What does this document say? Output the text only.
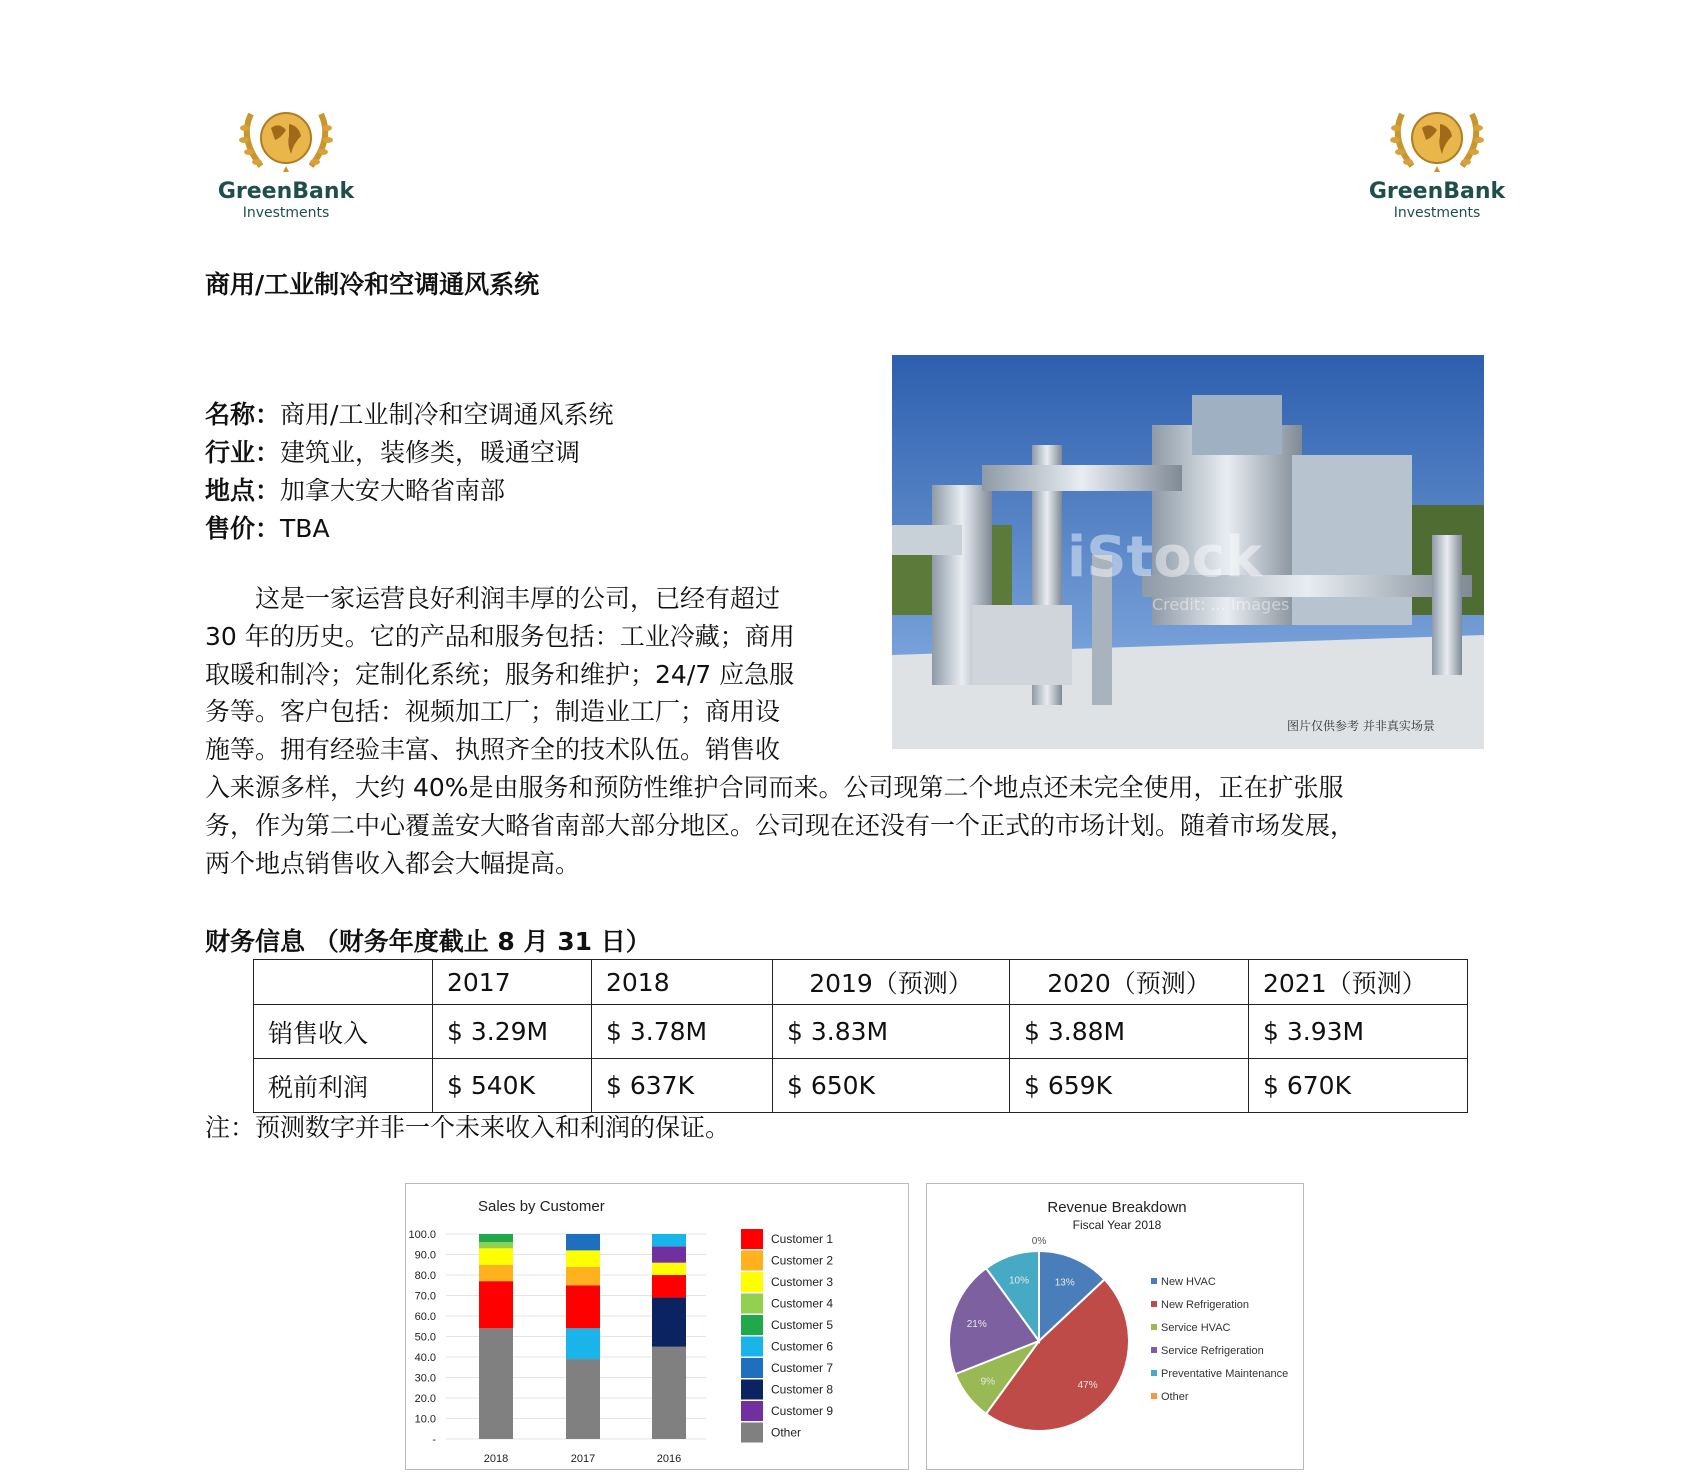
GreenBank
Investments
GreenBank
Investments
商用/工业制冷和空调通风系统
名称：商用/工业制冷和空调通风系统
行业：建筑业，装修类，暖通空调
地点：加拿大安大略省南部
售价：TBA
　　这是一家运营良好利润丰厚的公司，已经有超过
30 年的历史。它的产品和服务包括：工业冷藏；商用
取暖和制冷；定制化系统；服务和维护；24/7 应急服
务等。客户包括：视频加工厂；制造业工厂；商用设
施等。拥有经验丰富、执照齐全的技术队伍。销售收
入来源多样，大约 40%是由服务和预防性维护合同而来。公司现第二个地点还未完全使用，正在扩张服
务，作为第二中心覆盖安大略省南部大部分地区。公司现在还没有一个正式的市场计划。随着市场发展，
两个地点销售收入都会大幅提高。
iStock
Credit: ... Images
图片仅供参考 并非真实场景
财务信息 （财务年度截止 8 月 31 日）
	2017	2018	2019（预测）	2020（预测）	2021（预测）
销售收入	$ 3.29M	$ 3.78M	$ 3.83M	$ 3.88M	$ 3.93M
税前利润	$ 540K	$ 637K	$ 650K	$ 659K	$ 670K
注：预测数字并非一个未来收入和利润的保证。
Sales by Customer
100.0
90.0
80.0
70.0
60.0
50.0
40.0
30.0
20.0
10.0
-
2018	2017	2016
Customer 1
Customer 2
Customer 3
Customer 4
Customer 5
Customer 6
Customer 7
Customer 8
Customer 9
Other
Revenue Breakdown
Fiscal Year 2018
13%
47%
9%
21%
10%
0%
New HVAC
New Refrigeration
Service HVAC
Service Refrigeration
Preventative Maintenance
Other
